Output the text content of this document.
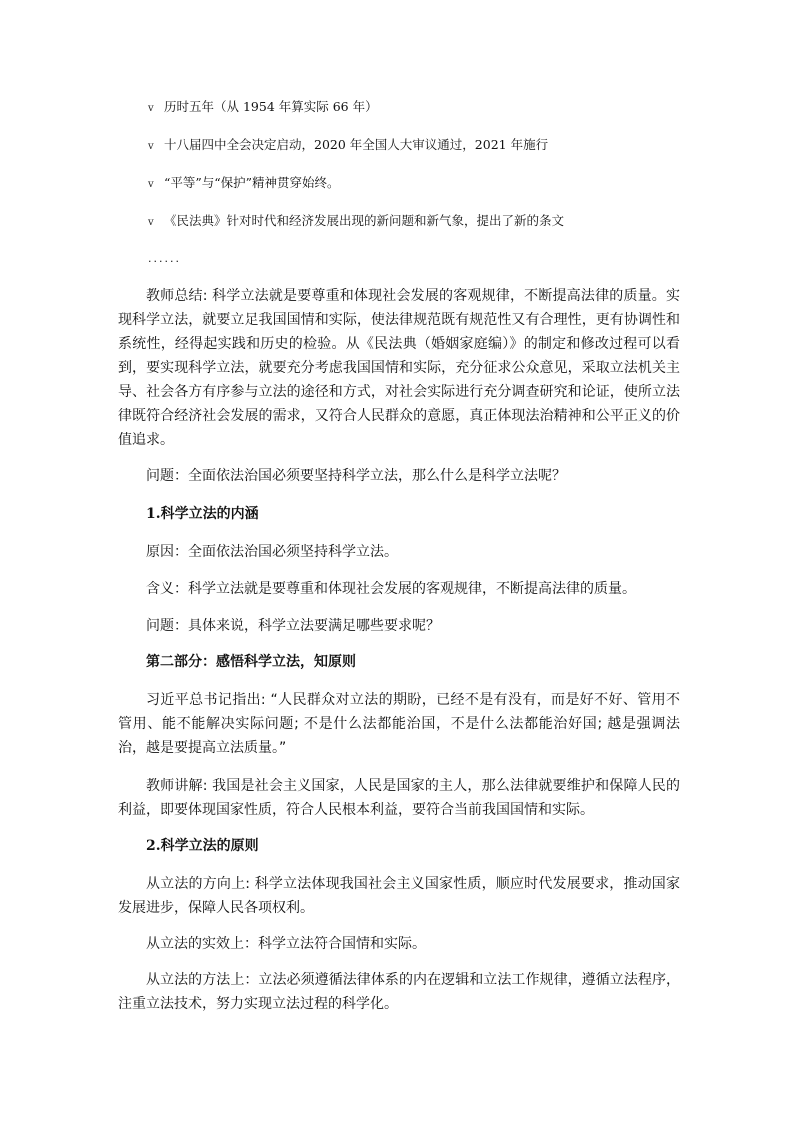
v 历时五年（从 1954 年算实际 66 年）
v 十八届四中全会决定启动，2020 年全国人大审议通过，2021 年施行
v “平等”与“保护”精神贯穿始终。
v 《民法典》针对时代和经济发展出现的新问题和新气象，提出了新的条文
......
教师总结: 科学立法就是要尊重和体现社会发展的客观规律，不断提高法律的质量。实现科学立法，就要立足我国国情和实际，使法律规范既有规范性又有合理性，更有协调性和系统性，经得起实践和历史的检验。从《民法典（婚姻家庭编）》的制定和修改过程可以看到，要实现科学立法，就要充分考虑我国国情和实际，充分征求公众意见，采取立法机关主导、社会各方有序参与立法的途径和方式，对社会实际进行充分调查研究和论证，使所立法律既符合经济社会发展的需求，又符合人民群众的意愿，真正体现法治精神和公平正义的价值追求。
问题：全面依法治国必须要坚持科学立法，那么什么是科学立法呢？
1.科学立法的内涵
原因：全面依法治国必须坚持科学立法。
含义：科学立法就是要尊重和体现社会发展的客观规律，不断提高法律的质量。
问题：具体来说，科学立法要满足哪些要求呢？
第二部分：感悟科学立法，知原则
习近平总书记指出: “人民群众对立法的期盼，已经不是有没有，而是好不好、管用不管用、能不能解决实际问题; 不是什么法都能治国，不是什么法都能治好国; 越是强调法治，越是要提高立法质量。”
教师讲解: 我国是社会主义国家，人民是国家的主人，那么法律就要维护和保障人民的利益，即要体现国家性质，符合人民根本利益，要符合当前我国国情和实际。
2.科学立法的原则
从立法的方向上: 科学立法体现我国社会主义国家性质，顺应时代发展要求，推动国家发展进步，保障人民各项权利。
从立法的实效上：科学立法符合国情和实际。
从立法的方法上：立法必须遵循法律体系的内在逻辑和立法工作规律，遵循立法程序，注重立法技术，努力实现立法过程的科学化。
